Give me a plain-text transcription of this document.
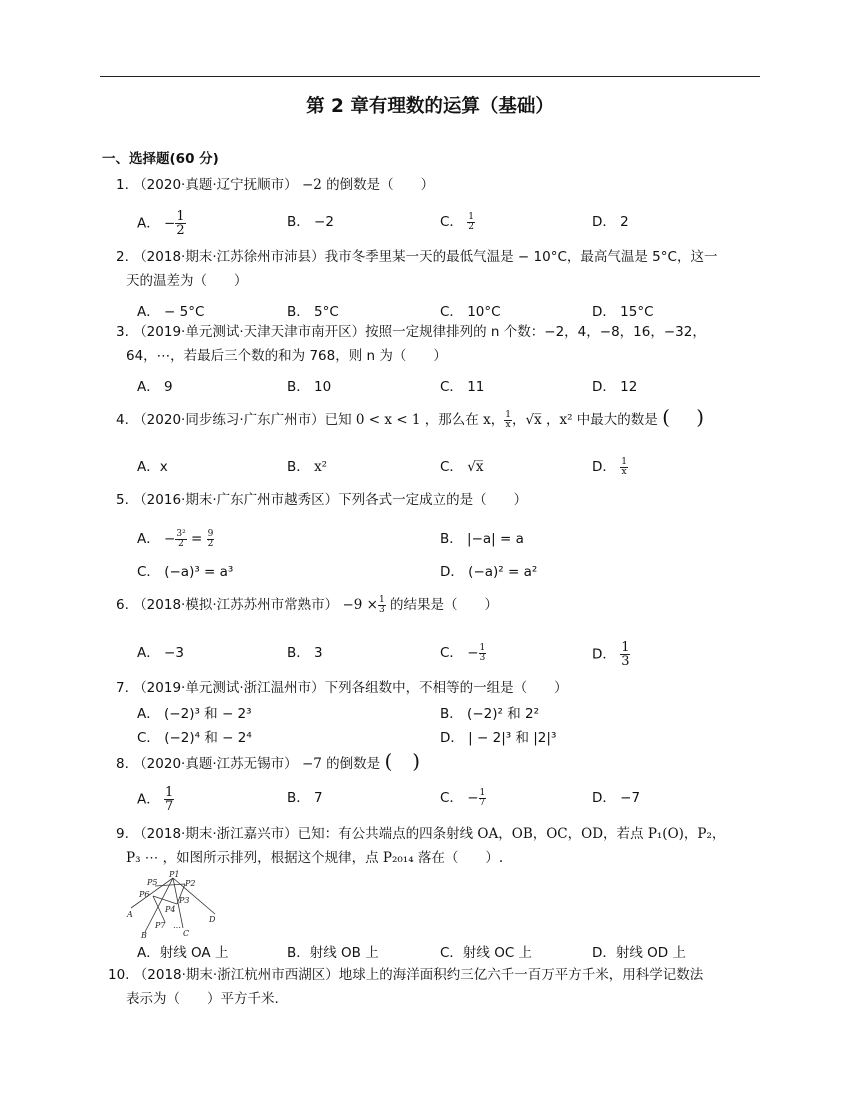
第 2 章有理数的运算（基础）
一、选择题(60 分)
1. （2020·真题·辽宁抚顺市） −2 的倒数是（　　）
A． − $\frac{1}{2}$	B． −2	C． $\frac{1}{2}$	D． 2
2. （2018·期末·江苏徐州市沛县）我市冬季里某一天的最低气温是 − 10°C，最高气温是 5°C，这一
天的温差为（　　）
A． − 5°C	B． 5°C	C． 10°C	D． 15°C
3. （2019·单元测试·天津天津市南开区）按照一定规律排列的 n 个数：−2，4，−8，16，−32，
64，⋯，若最后三个数的和为 768，则 n 为（　　）
A． 9	B． 10	C． 11	D． 12
4. （2020·同步练习·广东广州市）已知 0 < x < 1 ，那么在 x， $\frac{1}{x}$ ，√x̅ ，x² 中最大的数是 (　 )
A．x	B． x²	C． √x̅	D． $\frac{1}{x}$
5. （2016·期末·广东广州市越秀区）下列各式一定成立的是（　　）
A． − $\frac{\text{3²}}{2} = \frac{9}{2}$	B． |−a| = a
C． (−a)³ = a³	D． (−a)² = a²
6. （2018·模拟·江苏苏州市常熟市） $-9 \times \frac{1}{3}$ 的结果是（　　）
A． −3	B． 3	C． − $\frac{1}{3}$	D． $\frac{1}{3}$
7. （2019·单元测试·浙江温州市）下列各组数中，不相等的一组是（　　）
A． (−2)³ 和 − 2³	B． (−2)² 和 2²
C． (−2)⁴ 和 − 2⁴	D． | − 2|³ 和 |2|³
8. （2020·真题·江苏无锡市） −7 的倒数是 (　)
A． $\frac{1}{7}$	B． 7	C． − $\frac{1}{7}$	D． −7
9. （2018·期末·浙江嘉兴市）已知：有公共端点的四条射线 OA，OB，OC，OD，若点 P₁(O)，P₂，
P₃ ⋯ ，如图所示排列，根据这个规律，点 P₂₀₁₄ 落在（　　）.
P1
P2
P3
P4
P5
P6
P7
A
B	C
D
…
A．射线 OA 上	B．射线 OB 上	C．射线 OC 上	D．射线 OD 上
10. （2018·期末·浙江杭州市西湖区）地球上的海洋面积约三亿六千一百万平方千米，用科学记数法
表示为（　　）平方千米.
